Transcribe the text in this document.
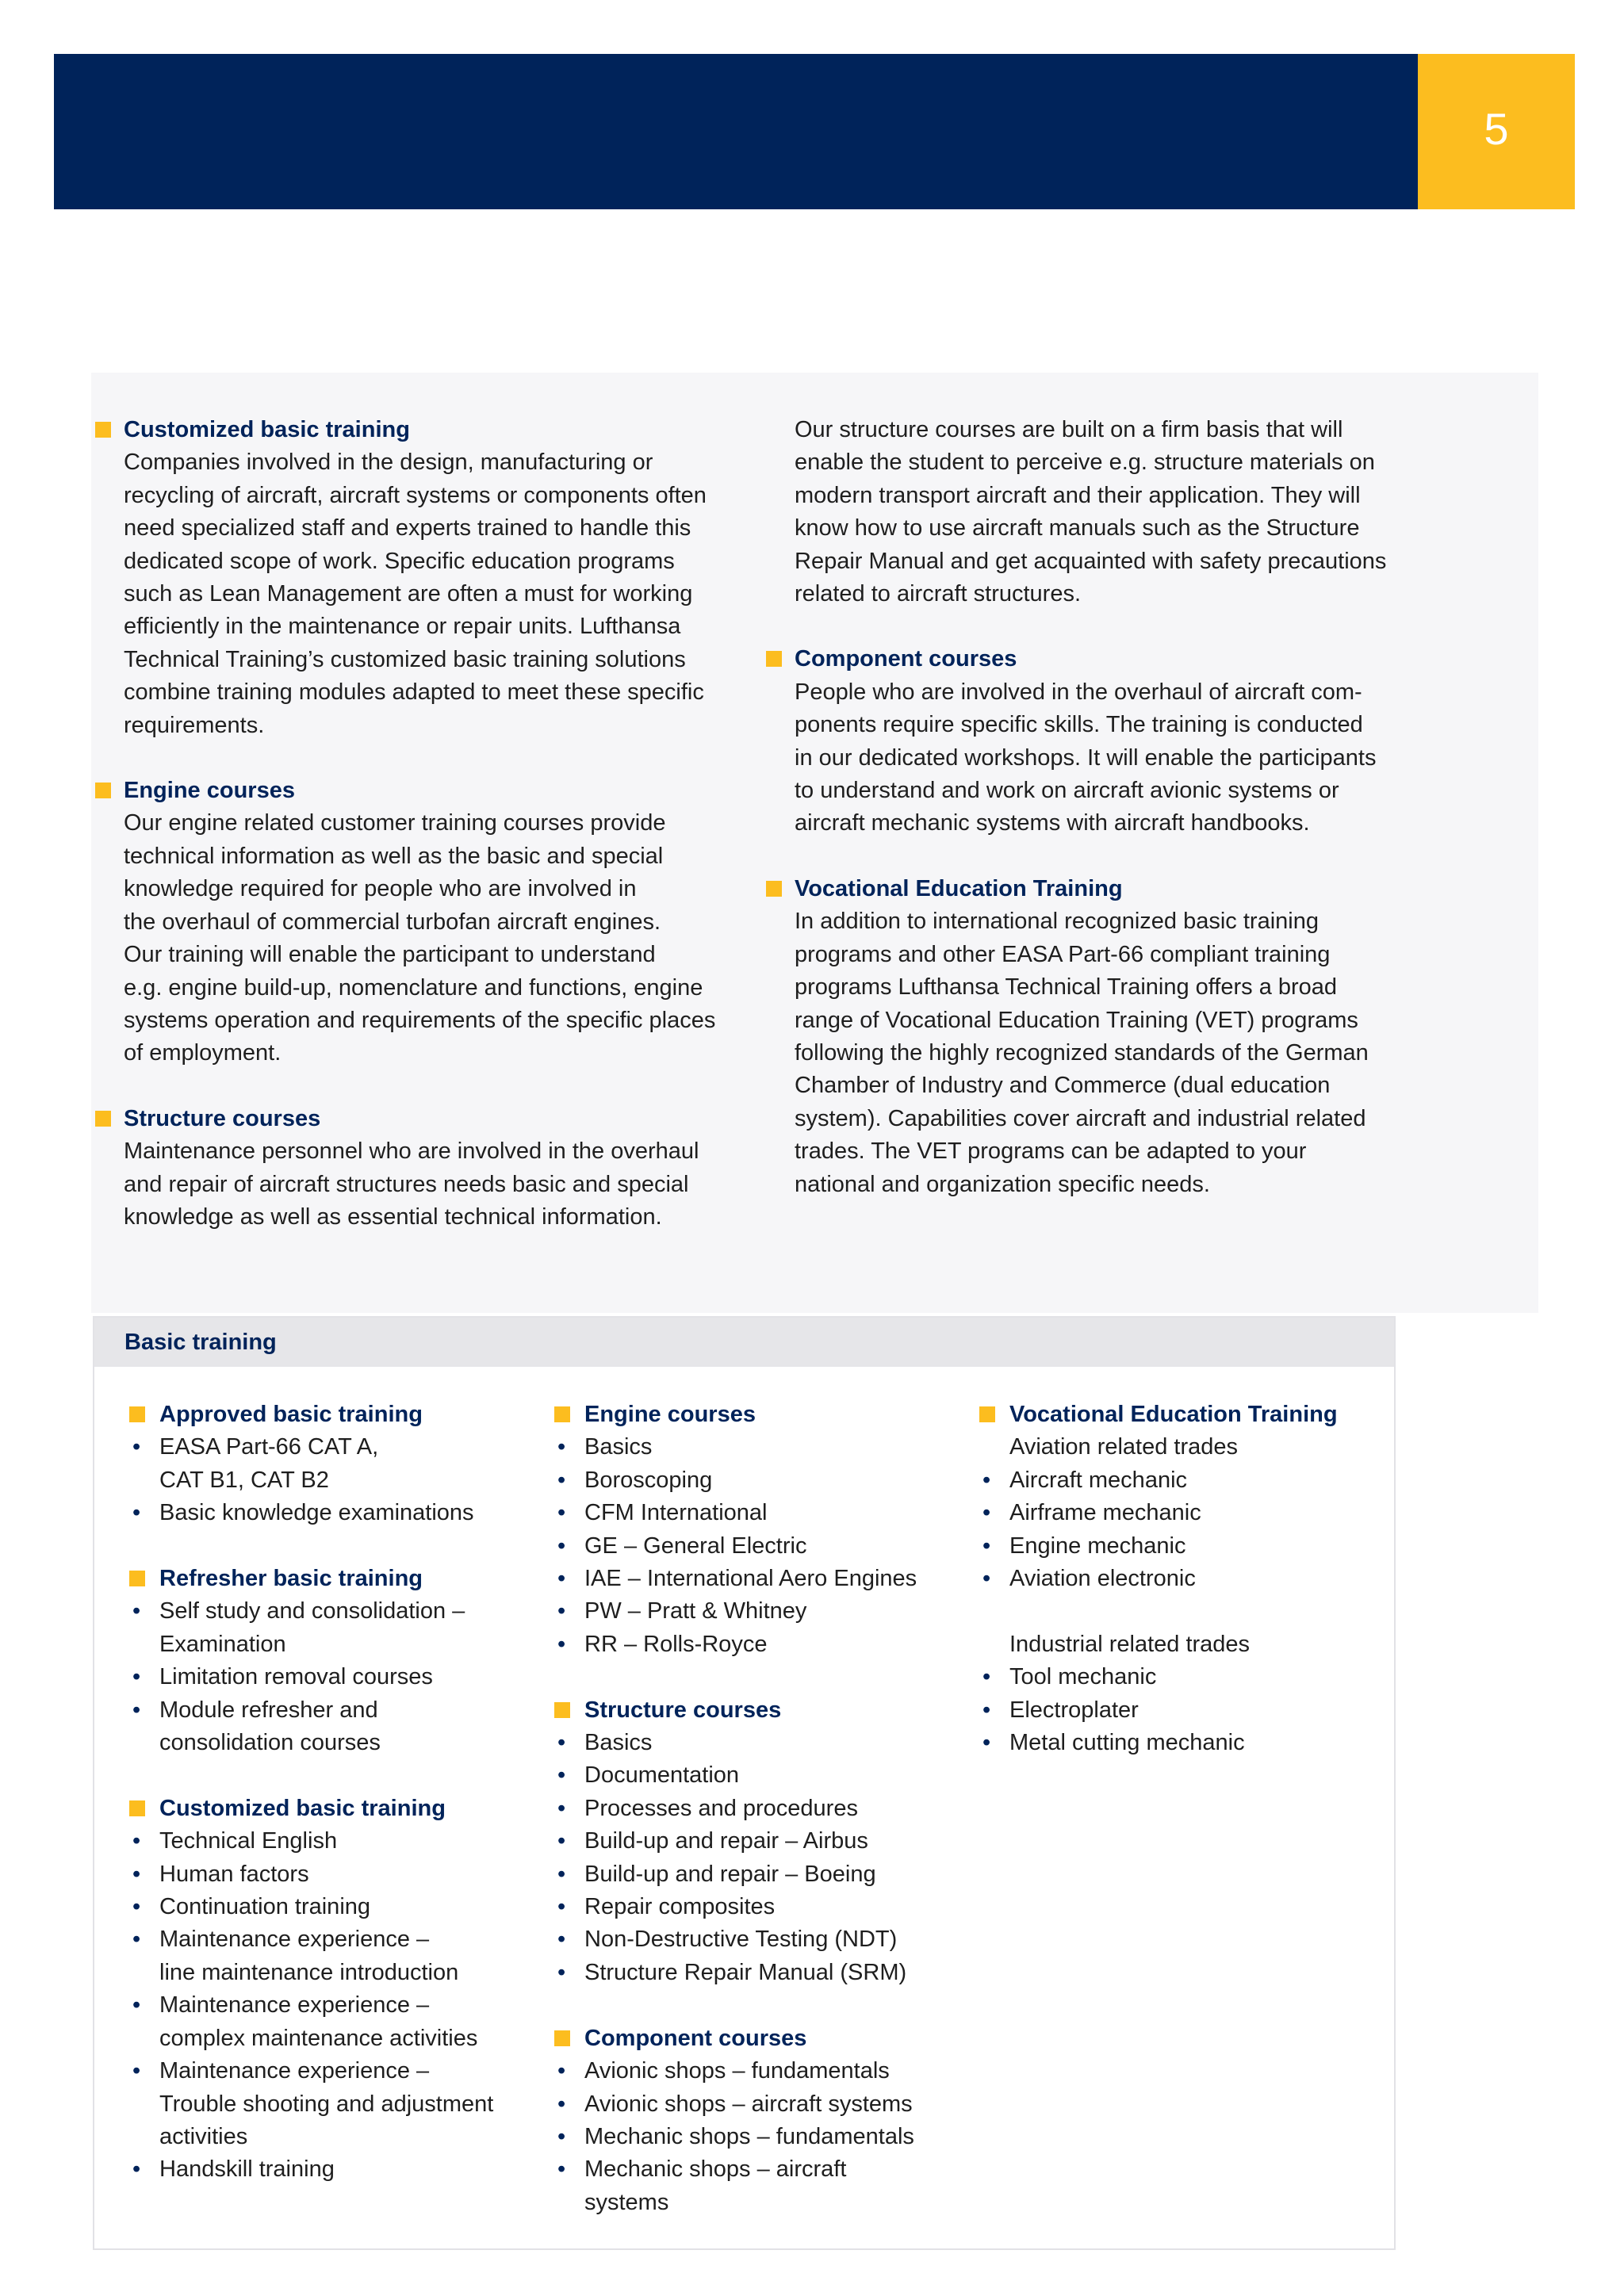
5
Customized basic training
Companies involved in the design, manufacturing or
recycling of aircraft, aircraft systems or components often
need specialized staff and experts trained to handle this
dedicated scope of work. Specific education programs
such as Lean Management are often a must for working
efficiently in the maintenance or repair units. Lufthansa
Technical Training’s customized basic training solutions
combine training modules adapted to meet these specific
requirements.
Engine courses
Our engine related customer training courses provide
technical information as well as the basic and special
knowledge required for people who are involved in
the overhaul of commercial turbofan aircraft engines.
Our training will enable the participant to understand
e.g. engine build-up, nomenclature and functions, engine
systems operation and requirements of the specific places
of employment.
Structure courses
Maintenance personnel who are involved in the overhaul
and repair of aircraft structures needs basic and special
knowledge as well as essential technical information.
Our structure courses are built on a firm basis that will
enable the student to perceive e.g. structure materials on
modern transport aircraft and their application. They will
know how to use aircraft manuals such as the Structure
Repair Manual and get acquainted with safety precautions
related to aircraft structures.
Component courses
People who are involved in the overhaul of aircraft com-
ponents require specific skills. The training is conducted
in our dedicated workshops. It will enable the participants
to understand and work on aircraft avionic systems or
aircraft mechanic systems with aircraft handbooks.
Vocational Education Training
In addition to international recognized basic training
programs and other EASA Part-66 compliant training
programs Lufthansa Technical Training offers a broad
range of Vocational Education Training (VET) programs
following the highly recognized standards of the German
Chamber of Industry and Commerce (dual education
system). Capabilities cover aircraft and industrial related
trades. The VET programs can be adapted to your
national and organization specific needs.
Basic training
Approved basic training
• EASA Part-66 CAT A,
CAT B1, CAT B2
• Basic knowledge examinations
Refresher basic training
• Self study and consolidation –
Examination
• Limitation removal courses
• Module refresher and
consolidation courses
Customized basic training
• Technical English
• Human factors
• Continuation training
• Maintenance experience –
line maintenance introduction
• Maintenance experience –
complex maintenance activities
• Maintenance experience –
Trouble shooting and adjustment
activities
• Handskill training
Engine courses
• Basics
• Boroscoping
• CFM International
• GE – General Electric
• IAE – International Aero Engines
• PW – Pratt & Whitney
• RR – Rolls-Royce
Structure courses
• Basics
• Documentation
• Processes and procedures
• Build-up and repair – Airbus
• Build-up and repair – Boeing
• Repair composites
• Non-Destructive Testing (NDT)
• Structure Repair Manual (SRM)
Component courses
• Avionic shops – fundamentals
• Avionic shops – aircraft systems
• Mechanic shops – fundamentals
• Mechanic shops – aircraft
systems
Vocational Education Training
Aviation related trades
• Aircraft mechanic
• Airframe mechanic
• Engine mechanic
• Aviation electronic
Industrial related trades
• Tool mechanic
• Electroplater
• Metal cutting mechanic
